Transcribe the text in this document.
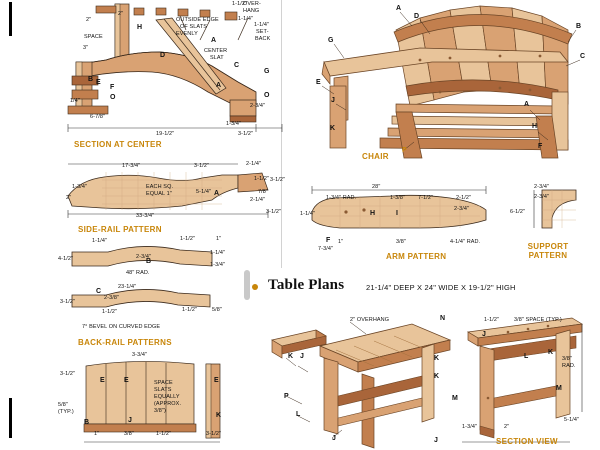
OUTSIDE EDGE
OF SLATS
SPACE	EVENLY
CENTER
SLAT
OVER-
HANG
1-1/4"
SET-
BACK
2"
2"
3"
1-1/4"
1-1/2"
1/4"
6-7/8"
19-1/2"	3-1/2"
1-3/4"
2-3/4"
H
D
C
G
A
O
O
F
E
A
B
SECTION AT CENTER
17-3/4"	3-1/2"	2-1/4"
1-1/2"
7/8"
2-1/4"
5-1/4"
2"
1-3/4"
33-3/4"
3-1/2"
3-1/2"
EACH SQ.
EQUAL 1"	A
SIDE-RAIL PATTERN
1-1/4"	1-1/2"	1"
4-1/2"	2-3/4"
1-1/4"
1-3/4"
48" RAD.
23-1/4"
2-3/8"
3-1/2"
1-1/2"	1-1/2"	5/8"
7° BEVEL ON CURVED EDGE
B
C
BACK-RAIL PATTERNS
3-3/4"
3-1/2"
5/8"
(TYP.)
1"	3/8"	1-1/2"	3-1/2"
SPACE
SLATS
EQUALLY
(APPROX.
3/8")
E	E	E
B	J
K
A
D
B
C
G
E
J
A
H
F
P
K
CHAIR
28"
1-3/8" 7-1/2"	2-1/2"
1-3/4" RAD.
2-3/4"
1-1/4"
1"
7-3/4"
3/8"	4-1/4" RAD.
H	I
F
ARM PATTERN
2-3/4"
2-3/4"
6-1/2"
SUPPORT
PATTERN
Table Plans	21-1/4" DEEP X 24" WIDE X 19-1/2" HIGH
2" OVERHANG	1-1/2"	3/8" SPACE (TYP.)
3/8"
RAD.
1-3/4"	2"
5-1/4"
N
J
L
K
K J	K
K
M
M
P
L
J	J	SECTION VIEW
